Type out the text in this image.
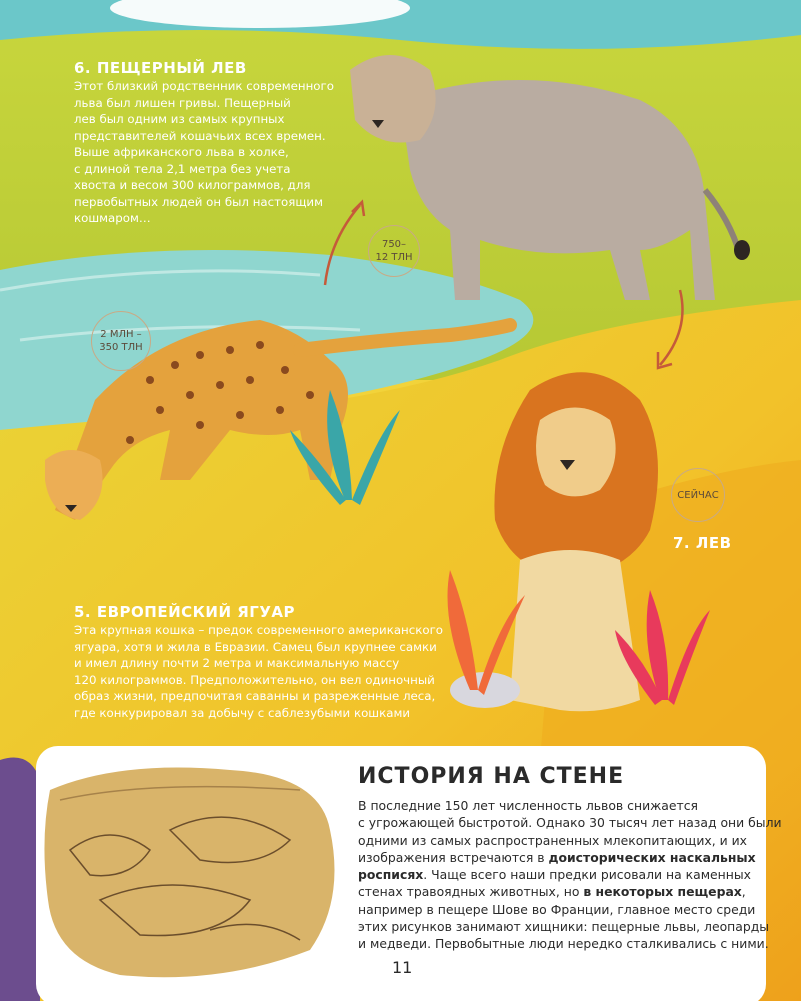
6. ПЕЩЕРНЫЙ ЛЕВ
Этот близкий родственник современного
льва был лишен гривы. Пещерный
лев был одним из самых крупных
представителей кошачьих всех времен.
Выше африканского льва в холке,
с длиной тела 2,1 метра без учета
хвоста и весом 300 килограммов, для
первобытных людей он был настоящим
кошмаром…
5. ЕВРОПЕЙСКИЙ ЯГУАР
Эта крупная кошка – предок современного американского
ягуара, хотя и жила в Евразии. Самец был крупнее самки
и имел длину почти 2 метра и максимальную массу
120 килограммов. Предположительно, он вел одиночный
образ жизни, предпочитая саванны и разреженные леса,
где конкурировал за добычу с саблезубыми кошками
7. ЛЕВ
750–
12 ТЛН
2 МЛН –
350 ТЛН
СЕЙЧАС
ИСТОРИЯ НА СТЕНЕ
В последние 150 лет численность львов снижается
с угрожающей быстротой. Однако 30 тысяч лет назад они были
одними из самых распространенных млекопитающих, и их
изображения встречаются в доисторических наскальных
росписях. Чаще всего наши предки рисовали на каменных
стенах травоядных животных, но в некоторых пещерах,
например в пещере Шове во Франции, главное место среди
этих рисунков занимают хищники: пещерные львы, леопарды
и медведи. Первобытные люди нередко сталкивались с ними.
11
